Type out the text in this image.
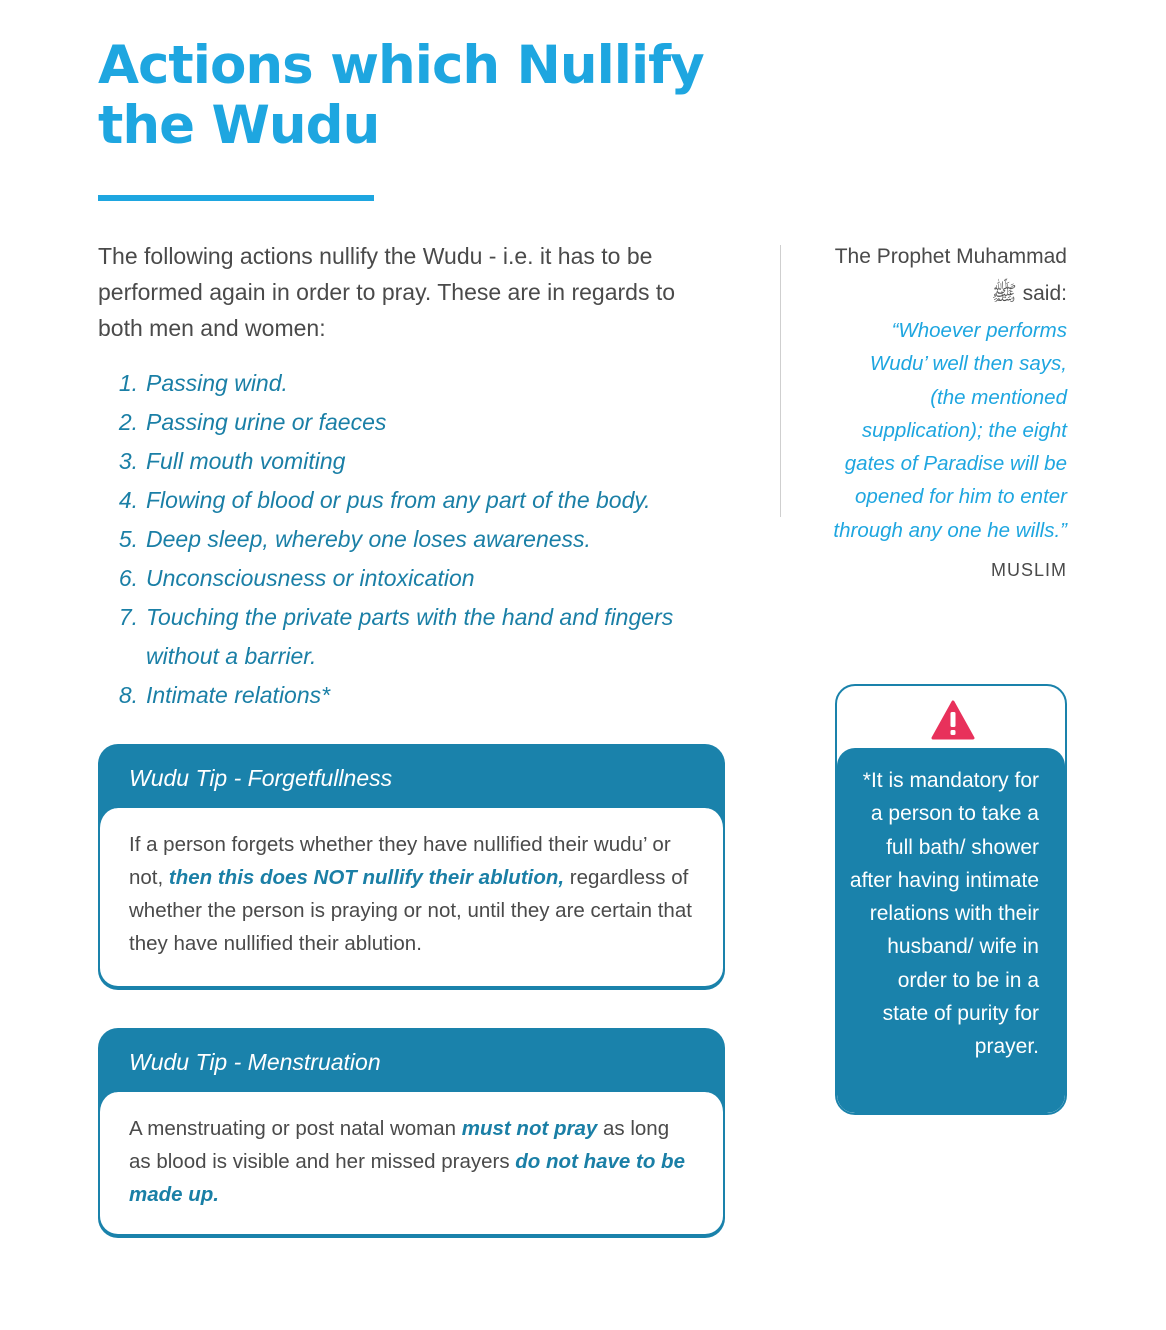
Actions which Nullify the Wudu

The following actions nullify the Wudu - i.e. it has to be performed again in order to pray. These are in regards to both men and women:

1. Passing wind.
2. Passing urine or faeces
3. Full mouth vomiting
4. Flowing of blood or pus from any part of the body.
5. Deep sleep, whereby one loses awareness.
6. Unconsciousness or intoxication
7. Touching the private parts with the hand and fingers without a barrier.
8. Intimate relations*
Wudu Tip - Forgetfullness
If a person forgets whether they have nullified their wudu’ or not, then this does NOT nullify their ablution, regardless of whether the person is praying or not, until they are certain that they have nullified their ablution.
Wudu Tip - Menstruation
A menstruating or post natal woman must not pray as long as blood is visible and her missed prayers do not have to be made up.

The Prophet Muhammad ﷺ said:

“Whoever performs Wudu’ well then says, (the mentioned supplication); the eight gates of Paradise will be opened for him to enter through any one he wills.”

MUSLIM

*It is mandatory for a person to take a full bath/ shower after having intimate relations with their husband/ wife in order to be in a state of purity for prayer.
